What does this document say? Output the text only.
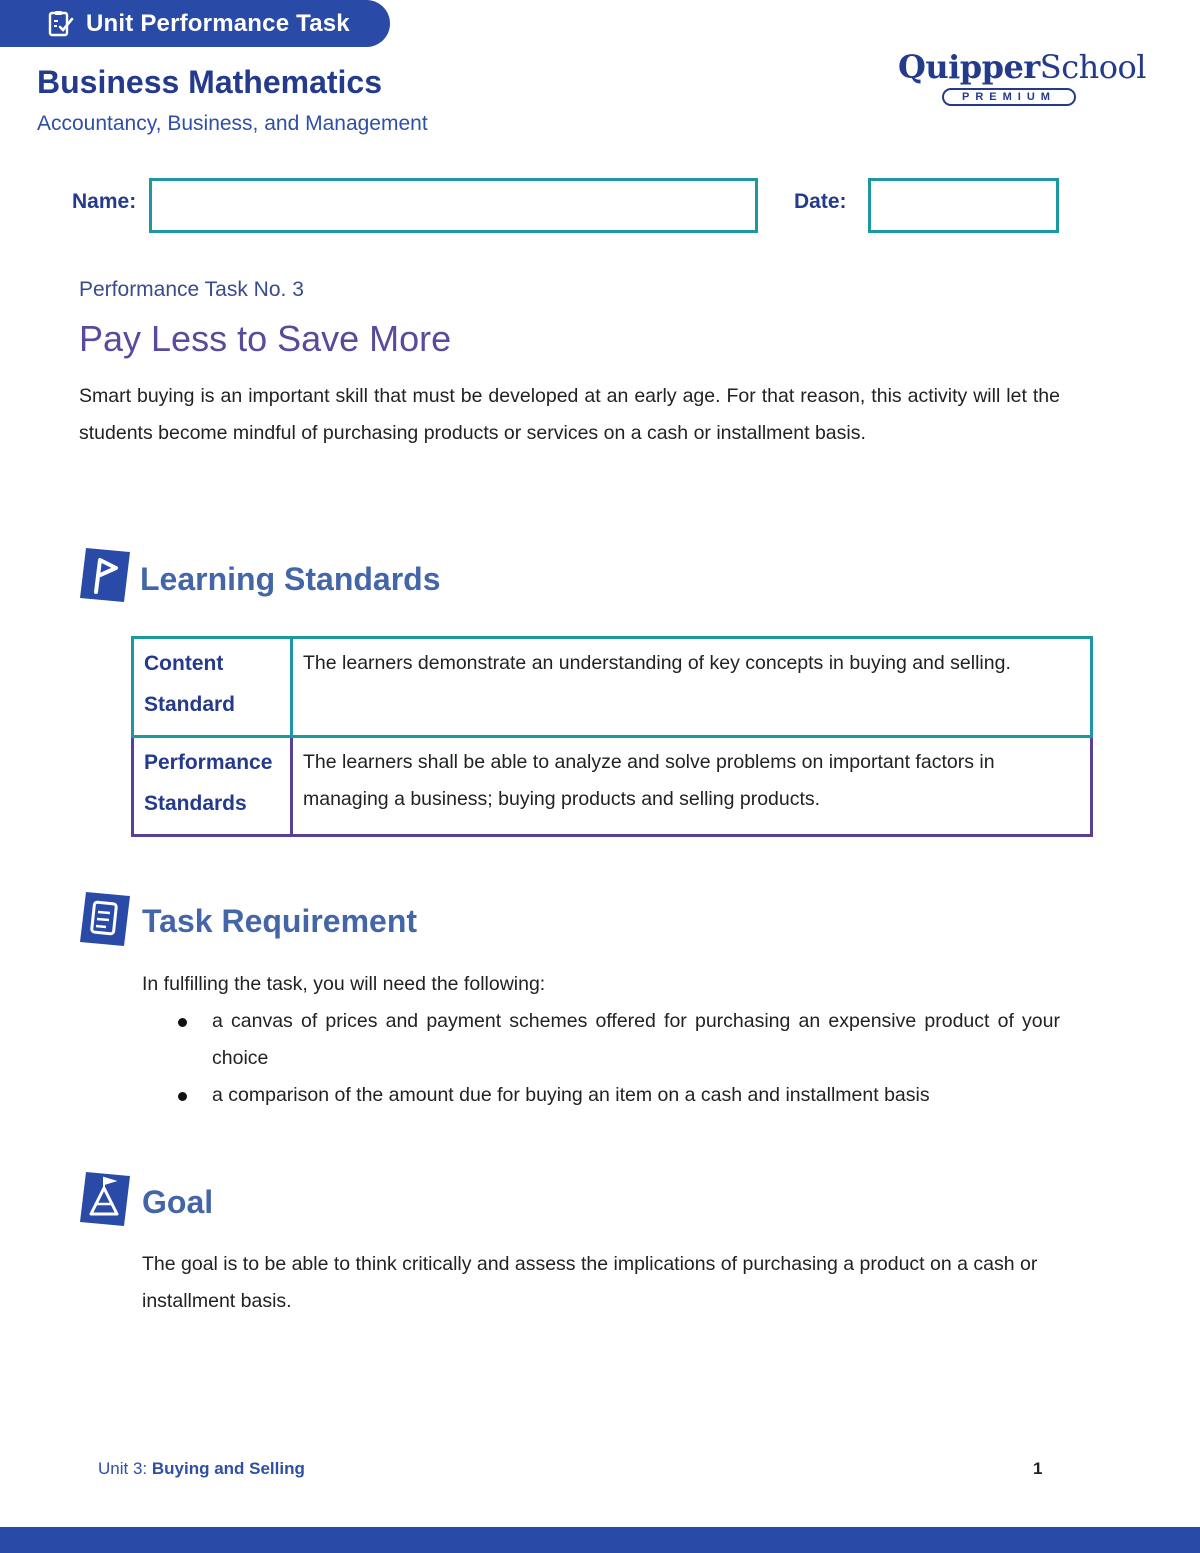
Unit Performance Task
Business Mathematics
Accountancy, Business, and Management
QuipperSchool
PREMIUM
Name:	Date:
Performance Task No. 3
Pay Less to Save More
Smart buying is an important skill that must be developed at an early age. For that reason, this activity will let the students become mindful of purchasing products or services on a cash or installment basis.
Learning Standards
Content Standard	The learners demonstrate an understanding of key concepts in buying and selling.
Performance Standards	The learners shall be able to analyze and solve problems on important factors in managing a business; buying products and selling products.
Task Requirement
In fulfilling the task, you will need the following:
a canvas of prices and payment schemes offered for purchasing an expensive product of your choice
a comparison of the amount due for buying an item on a cash and installment basis
Goal
The goal is to be able to think critically and assess the implications of purchasing a product on a cash or installment basis.
Unit 3: Buying and Selling	1
